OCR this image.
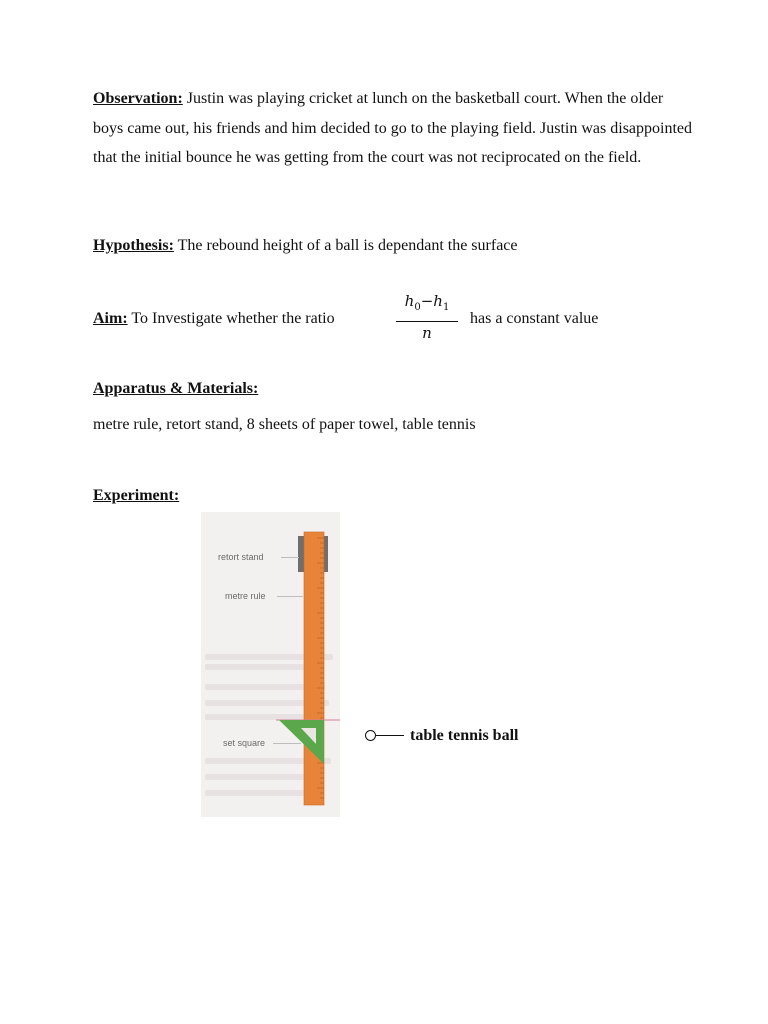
Observation: Justin was playing cricket at lunch on the basketball court. When the older boys came out, his friends and him decided to go to the playing field. Justin was disappointed that the initial bounce he was getting from the court was not reciprocated on the field.

Hypothesis: The rebound height of a ball is dependant the surface

Aim: To Investigate whether the ratio

$h_0-h_1$
n
has a constant value

Apparatus & Materials:

metre rule, retort stand, 8 sheets of paper towel, table tennis

Experiment:

retort stand
metre rule
set square	table tennis ball
